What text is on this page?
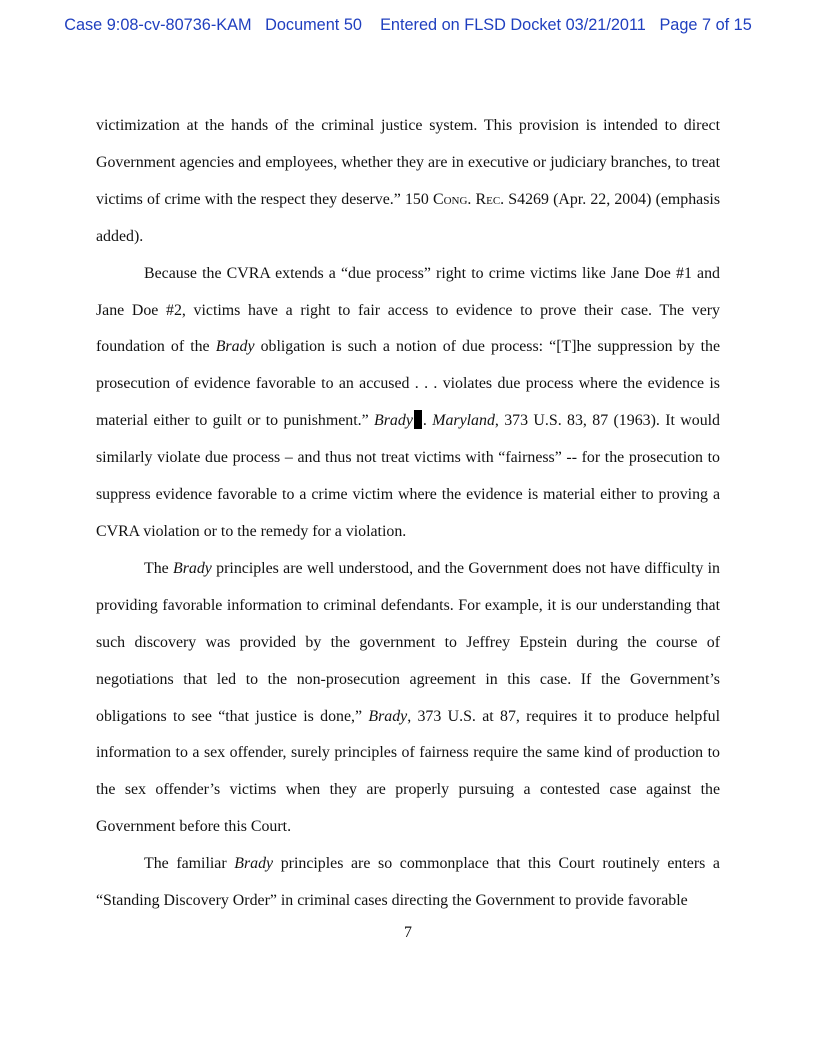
Case 9:08-cv-80736-KAM Document 50 Entered on FLSD Docket 03/21/2011 Page 7 of 15

victimization at the hands of the criminal justice system. This provision is intended to direct Government agencies and employees, whether they are in executive or judiciary branches, to treat victims of crime with the respect they deserve.” 150 Cong. Rec. S4269 (Apr. 22, 2004) (emphasis added).

Because the CVRA extends a “due process” right to crime victims like Jane Doe #1 and Jane Doe #2, victims have a right to fair access to evidence to prove their case. The very foundation of the Brady obligation is such a notion of due process: “[T]he suppression by the prosecution of evidence favorable to an accused . . . violates due process where the evidence is material either to guilt or to punishment.” Brady . Maryland, 373 U.S. 83, 87 (1963). It would similarly violate due process – and thus not treat victims with “fairness” -- for the prosecution to suppress evidence favorable to a crime victim where the evidence is material either to proving a CVRA violation or to the remedy for a violation.

The Brady principles are well understood, and the Government does not have difficulty in providing favorable information to criminal defendants. For example, it is our understanding that such discovery was provided by the government to Jeffrey Epstein during the course of negotiations that led to the non-prosecution agreement in this case. If the Government’s obligations to see “that justice is done,” Brady, 373 U.S. at 87, requires it to produce helpful information to a sex offender, surely principles of fairness require the same kind of production to the sex offender’s victims when they are properly pursuing a contested case against the Government before this Court.

The familiar Brady principles are so commonplace that this Court routinely enters a “Standing Discovery Order” in criminal cases directing the Government to provide favorable

7
